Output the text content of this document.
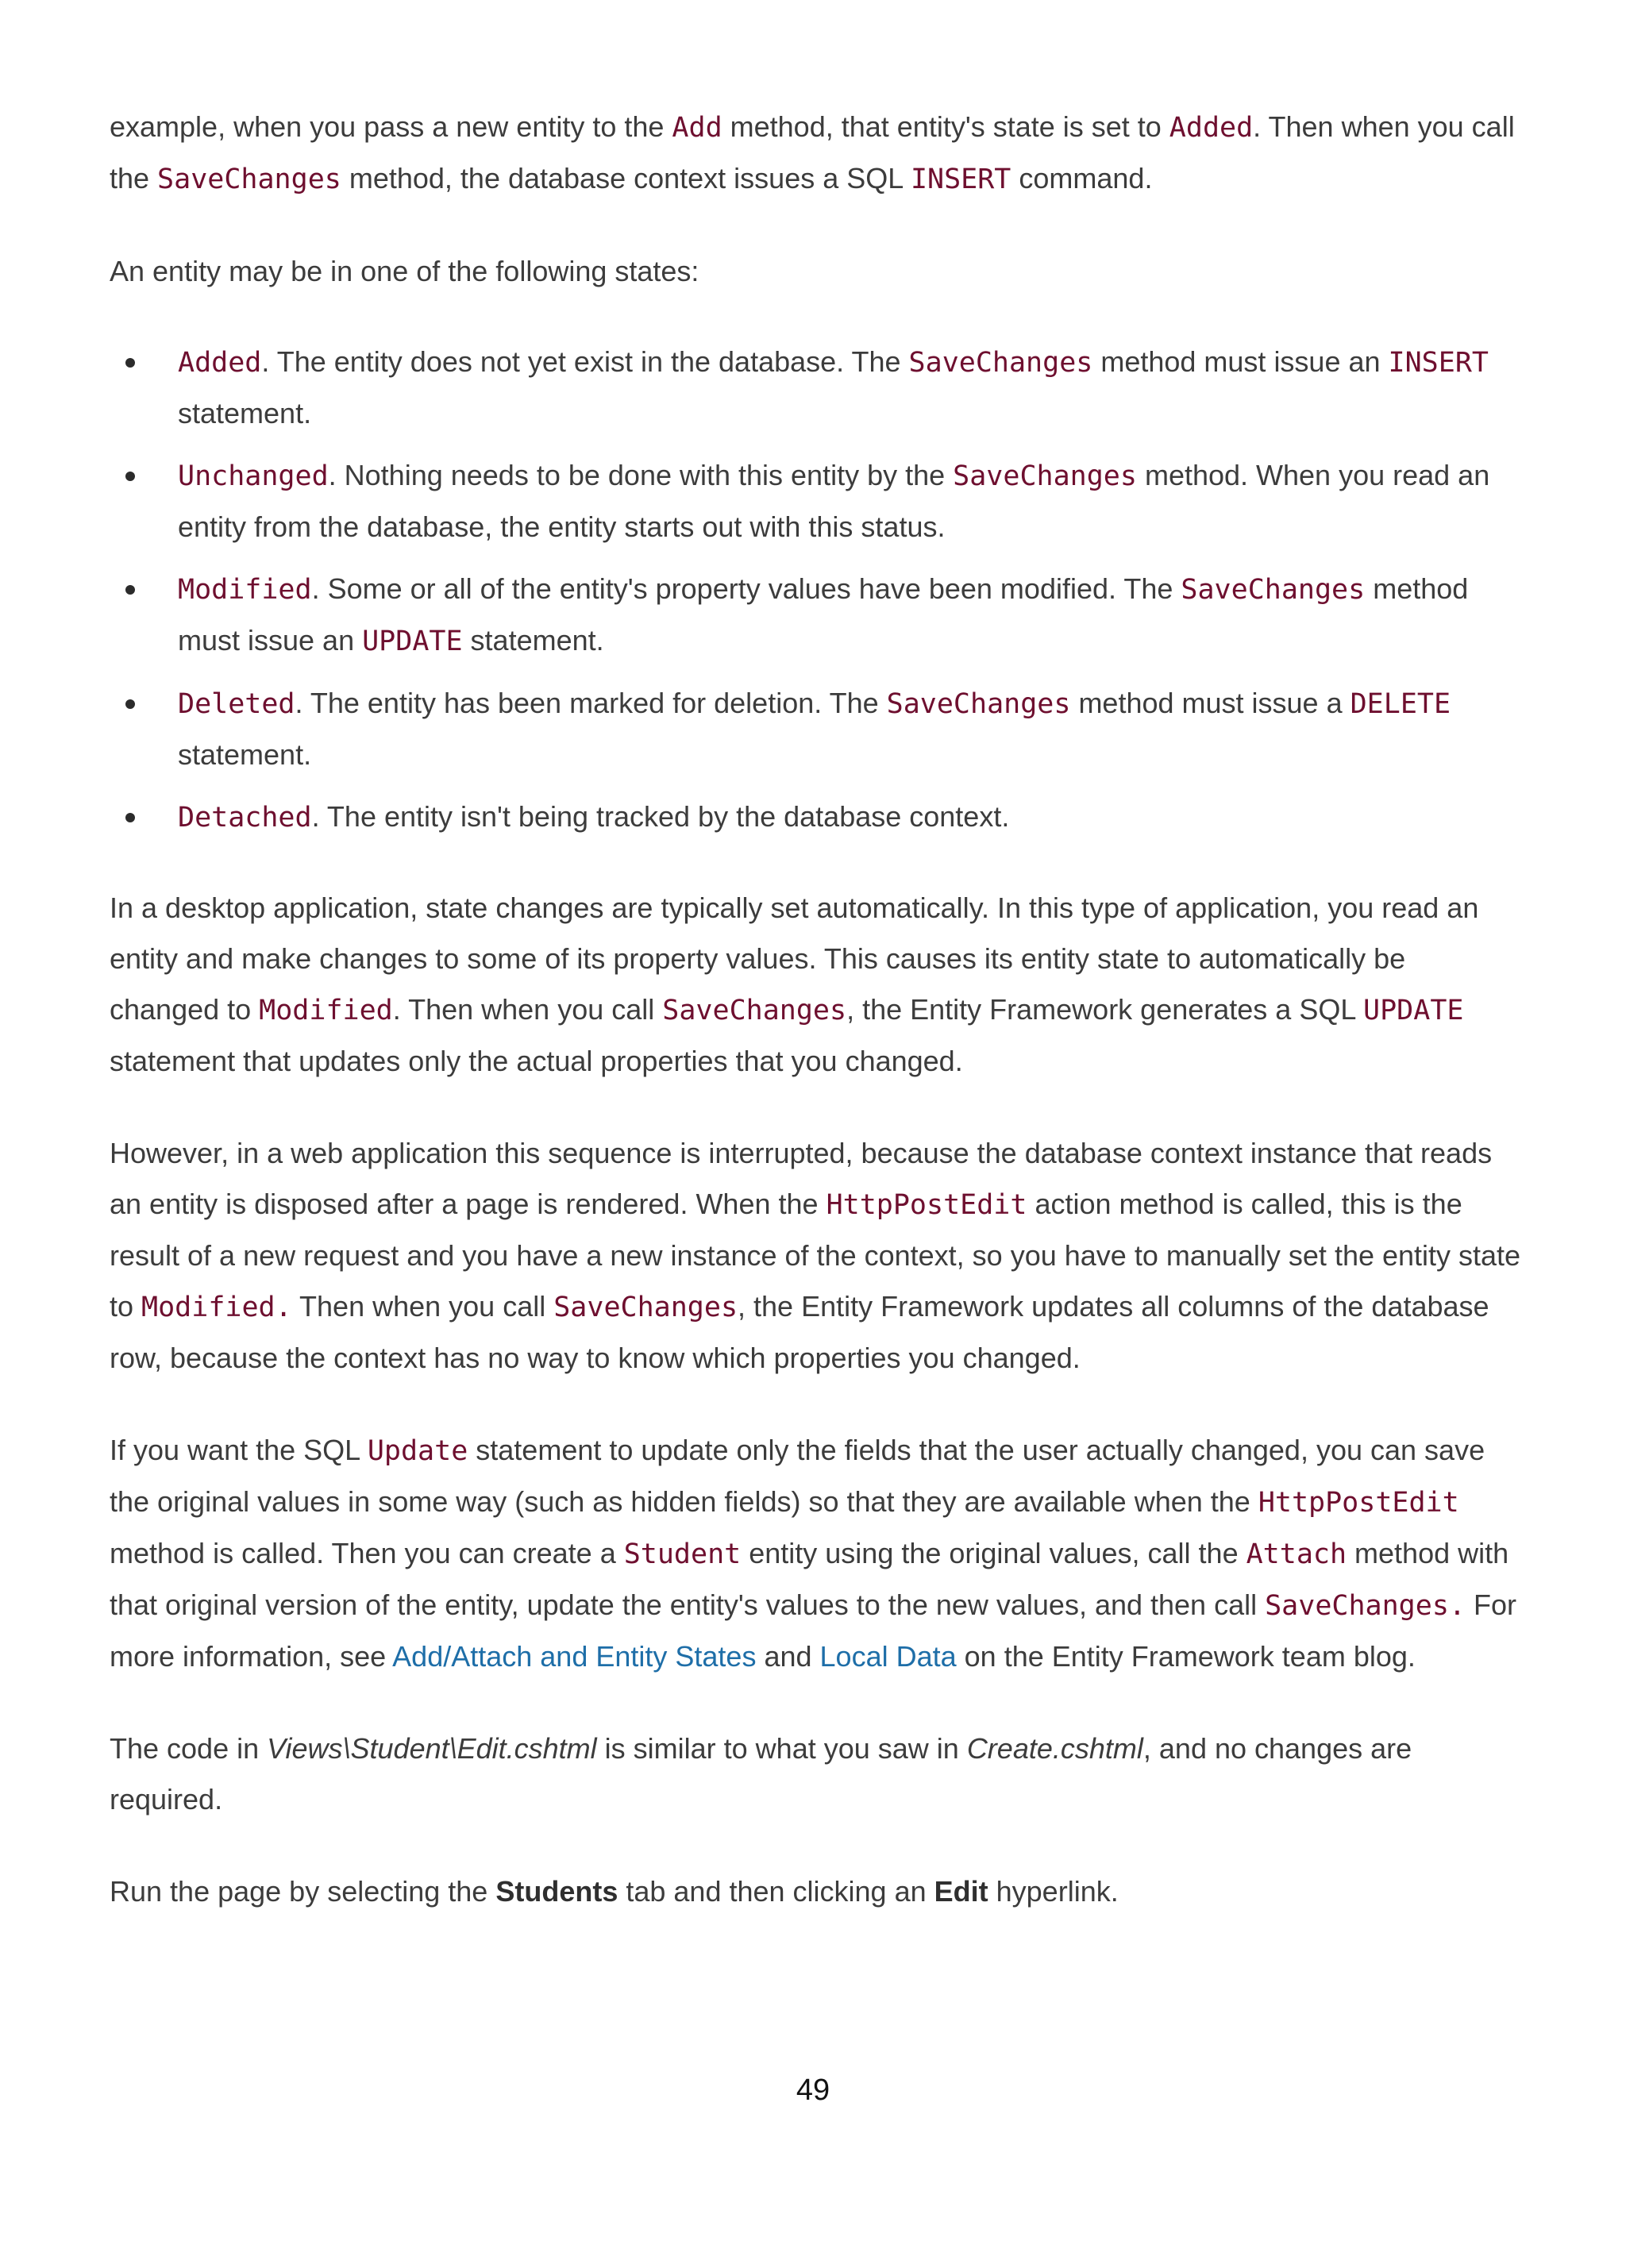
example, when you pass a new entity to the Add method, that entity's state is set to Added. Then when you call the SaveChanges method, the database context issues a SQL INSERT command.

An entity may be in one of the following states:

Added. The entity does not yet exist in the database. The SaveChanges method must issue an INSERT statement.
Unchanged. Nothing needs to be done with this entity by the SaveChanges method. When you read an entity from the database, the entity starts out with this status.
Modified. Some or all of the entity's property values have been modified. The SaveChanges method must issue an UPDATE statement.
Deleted. The entity has been marked for deletion. The SaveChanges method must issue a DELETE statement.
Detached. The entity isn't being tracked by the database context.

In a desktop application, state changes are typically set automatically. In this type of application, you read an entity and make changes to some of its property values. This causes its entity state to automatically be changed to Modified. Then when you call SaveChanges, the Entity Framework generates a SQL UPDATE statement that updates only the actual properties that you changed.

However, in a web application this sequence is interrupted, because the database context instance that reads an entity is disposed after a page is rendered. When the HttpPostEdit action method is called, this is the result of a new request and you have a new instance of the context, so you have to manually set the entity state to Modified. Then when you call SaveChanges, the Entity Framework updates all columns of the database row, because the context has no way to know which properties you changed.

If you want the SQL Update statement to update only the fields that the user actually changed, you can save the original values in some way (such as hidden fields) so that they are available when the HttpPostEdit method is called. Then you can create a Student entity using the original values, call the Attach method with that original version of the entity, update the entity's values to the new values, and then call SaveChanges. For more information, see Add/Attach and Entity States and Local Data on the Entity Framework team blog.

The code in Views\Student\Edit.cshtml is similar to what you saw in Create.cshtml, and no changes are required.

Run the page by selecting the Students tab and then clicking an Edit hyperlink.

49
